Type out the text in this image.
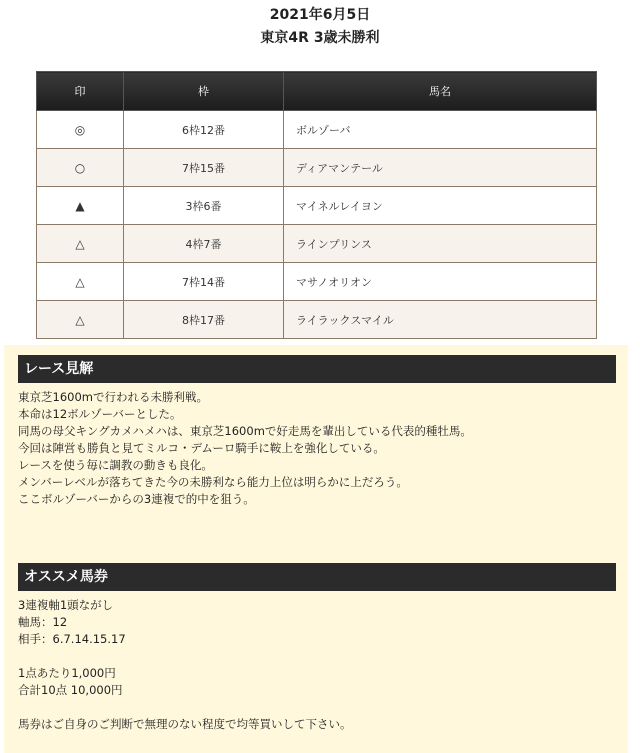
2021年6月5日
東京4R 3歳未勝利
印	枠	馬名
◎	6枠12番	ボルゾーバ
○	7枠15番	ディアマンテール
▲	3枠6番	マイネルレイヨン
△	4枠7番	ラインプリンス
△	7枠14番	マサノオリオン
△	8枠17番	ライラックスマイル
レース見解

東京芝1600mで行われる未勝利戦。

本命は12ボルゾーバーとした。

同馬の母父キングカメハメハは、東京芝1600mで好走馬を輩出している代表的種牡馬。

今回は陣営も勝負と見てミルコ・デムーロ騎手に鞍上を強化している。

レースを使う毎に調教の動きも良化。

メンバーレベルが落ちてきた今の未勝利なら能力上位は明らかに上だろう。

ここボルゾーバーからの3連複で的中を狙う。

オススメ馬券

3連複軸1頭ながし

軸馬：12

相手：6.7.14.15.17

1点あたり1,000円

合計10点 10,000円

馬券はご自身のご判断で無理のない程度で均等買いして下さい。
